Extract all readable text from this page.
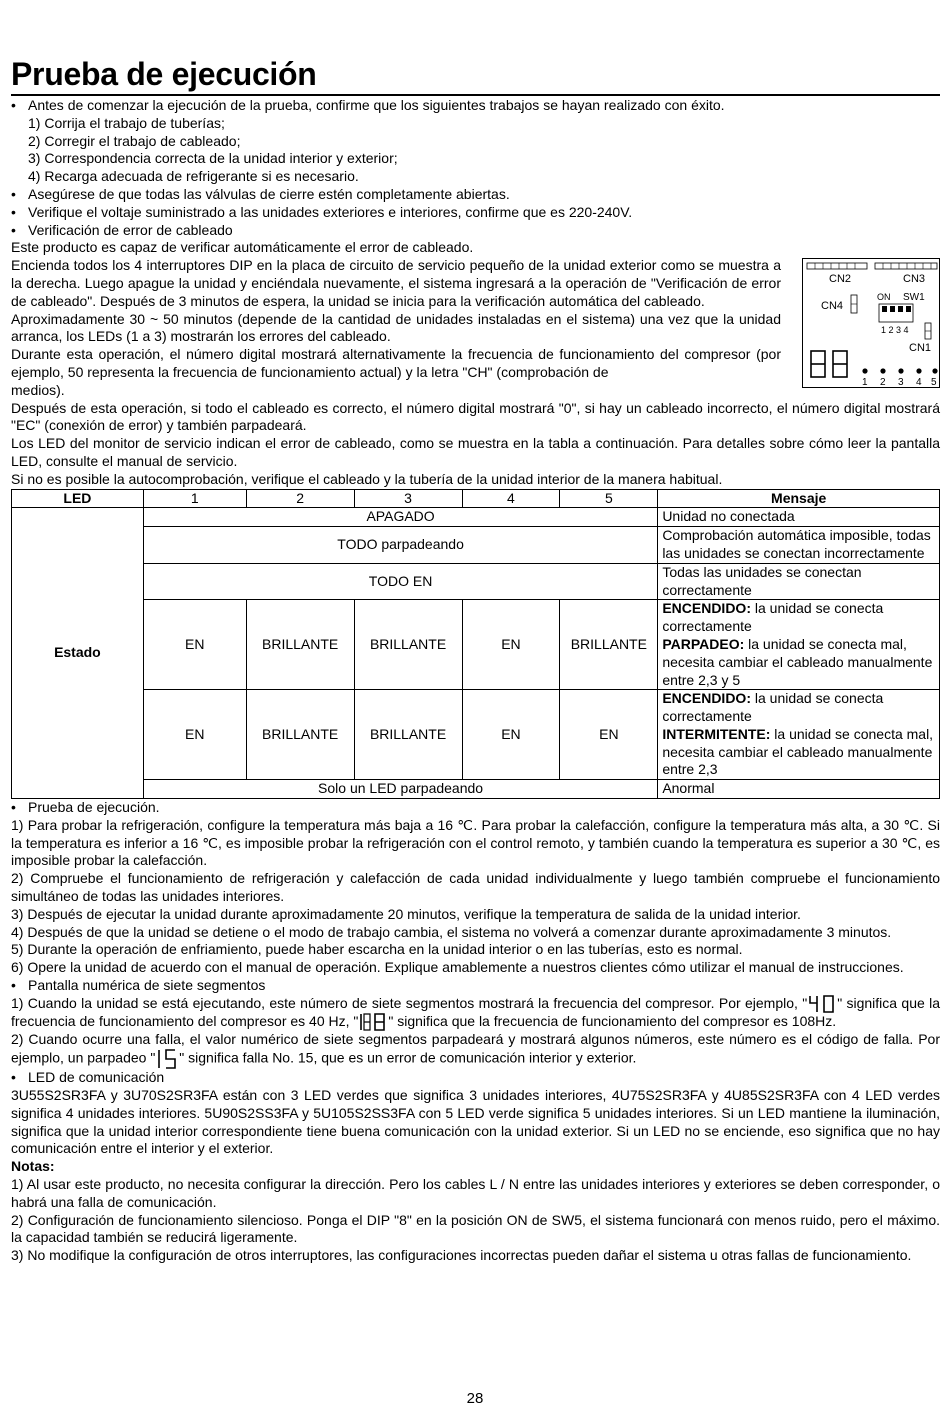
Prueba de ejecución

• Antes de comenzar la ejecución de la prueba, confirme que los siguientes trabajos se hayan realizado con éxito.

1) Corrija el trabajo de tuberías;

2) Corregir el trabajo de cableado;

3) Correspondencia correcta de la unidad interior y exterior;

4) Recarga adecuada de refrigerante si es necesario.

• Asegúrese de que todas las válvulas de cierre estén completamente abiertas.

• Verifique el voltaje suministrado a las unidades exteriores e interiores, confirme que es 220-240V.

• Verificación de error de cableado

Este producto es capaz de verificar automáticamente el error de cableado.

Encienda todos los 4 interruptores DIP en la placa de circuito de servicio pequeño de la unidad exterior como se muestra a la derecha. Luego apague la unidad y enciéndala nuevamente, el sistema ingresará a la operación de "Verificación de error de cableado". Después de 3 minutos de espera, la unidad se inicia para la verificación automática del cableado.

Aproximadamente 30 ~ 50 minutos (depende de la cantidad de unidades instaladas en el sistema) una vez que la unidad arranca, los LEDs (1 a 3) mostrarán los errores del cableado.

Durante esta operación, el número digital mostrará alternativamente la frecuencia de funcionamiento del compresor (por ejemplo, 50 representa la frecuencia de funcionamiento actual) y la letra "CH" (comprobación de

medios).

Después de esta operación, si todo el cableado es correcto, el número digital mostrará "0", si hay un cableado incorrecto, el número digital mostrará "EC" (conexión de error) y también parpadeará.

Los LED del monitor de servicio indican el error de cableado, como se muestra en la tabla a continuación. Para detalles sobre cómo leer la pantalla LED, consulte el manual de servicio.

Si no es posible la autocomprobación, verifique el cableado y la tubería de la unidad interior de la manera habitual.

LED	1	2	3	4	5	Mensaje
Estado	APAGADO					Unidad no conectada
	TODO parpadeando					Comprobación automática imposible, todas las unidades se conectan incorrectamente
	TODO EN					Todas las unidades se conectan correctamente
	EN	BRILLANTE	BRILLANTE	EN	BRILLANTE	ENCENDIDO: la unidad se conecta correctamente
PARPADEO: la unidad se conecta mal, necesita cambiar el cableado manualmente entre 2,3 y 5
	EN	BRILLANTE	BRILLANTE	EN	EN	ENCENDIDO: la unidad se conecta correctamente
INTERMITENTE: la unidad se conecta mal, necesita cambiar el cableado manualmente entre 2,3
	Solo un LED parpadeando					Anormal

• Prueba de ejecución.

1) Para probar la refrigeración, configure la temperatura más baja a 16 ℃. Para probar la calefacción, configure la temperatura más alta, a 30 ℃. Si la temperatura es inferior a 16 ℃, es imposible probar la refrigeración con el control remoto, y también cuando la temperatura es superior a 30 ℃, es imposible probar la calefacción.

2) Compruebe el funcionamiento de refrigeración y calefacción de cada unidad individualmente y luego también compruebe el funcionamiento simultáneo de todas las unidades interiores.

3) Después de ejecutar la unidad durante aproximadamente 20 minutos, verifique la temperatura de salida de la unidad interior.

4) Después de que la unidad se detiene o el modo de trabajo cambia, el sistema no volverá a comenzar durante aproximadamente 3 minutos.

5) Durante la operación de enfriamiento, puede haber escarcha en la unidad interior o en las tuberías, esto es normal.

6) Opere la unidad de acuerdo con el manual de operación. Explique amablemente a nuestros clientes cómo utilizar el manual de instrucciones.

• Pantalla numérica de siete segmentos

1) Cuando la unidad se está ejecutando, este número de siete segmentos mostrará la frecuencia del compresor. Por ejemplo, " " significa que la frecuencia de funcionamiento del compresor es 40 Hz, " " significa que la frecuencia de funcionamiento del compresor es 108Hz.

2) Cuando ocurre una falla, el valor numérico de siete segmentos parpadeará y mostrará algunos números, este número es el código de falla. Por ejemplo, un parpadeo " " significa falla No. 15, que es un error de comunicación interior y exterior.

• LED de comunicación

3U55S2SR3FA y 3U70S2SR3FA están con 3 LED verdes que significa 3 unidades interiores, 4U75S2SR3FA y 4U85S2SR3FA con 4 LED verdes significa 4 unidades interiores. 5U90S2SS3FA y 5U105S2SS3FA con 5 LED verde significa 5 unidades interiores. Si un LED mantiene la iluminación, significa que la unidad interior correspondiente tiene buena comunicación con la unidad exterior. Si un LED no se enciende, eso significa que no hay comunicación entre el interior y el exterior.

Notas:

1) Al usar este producto, no necesita configurar la dirección. Pero los cables L / N entre las unidades interiores y exteriores se deben corresponder, o habrá una falla de comunicación.

2) Configuración de funcionamiento silencioso. Ponga el DIP "8" en la posición ON de SW5, el sistema funcionará con menos ruido, pero el máximo. la capacidad también se reducirá ligeramente.

3) No modifique la configuración de otros interruptores, las configuraciones incorrectas pueden dañar el sistema u otras fallas de funcionamiento.

CN2	CN3
CN4
ON SW1
1 2 3 4
CN1
1 2 3 4 5
28
